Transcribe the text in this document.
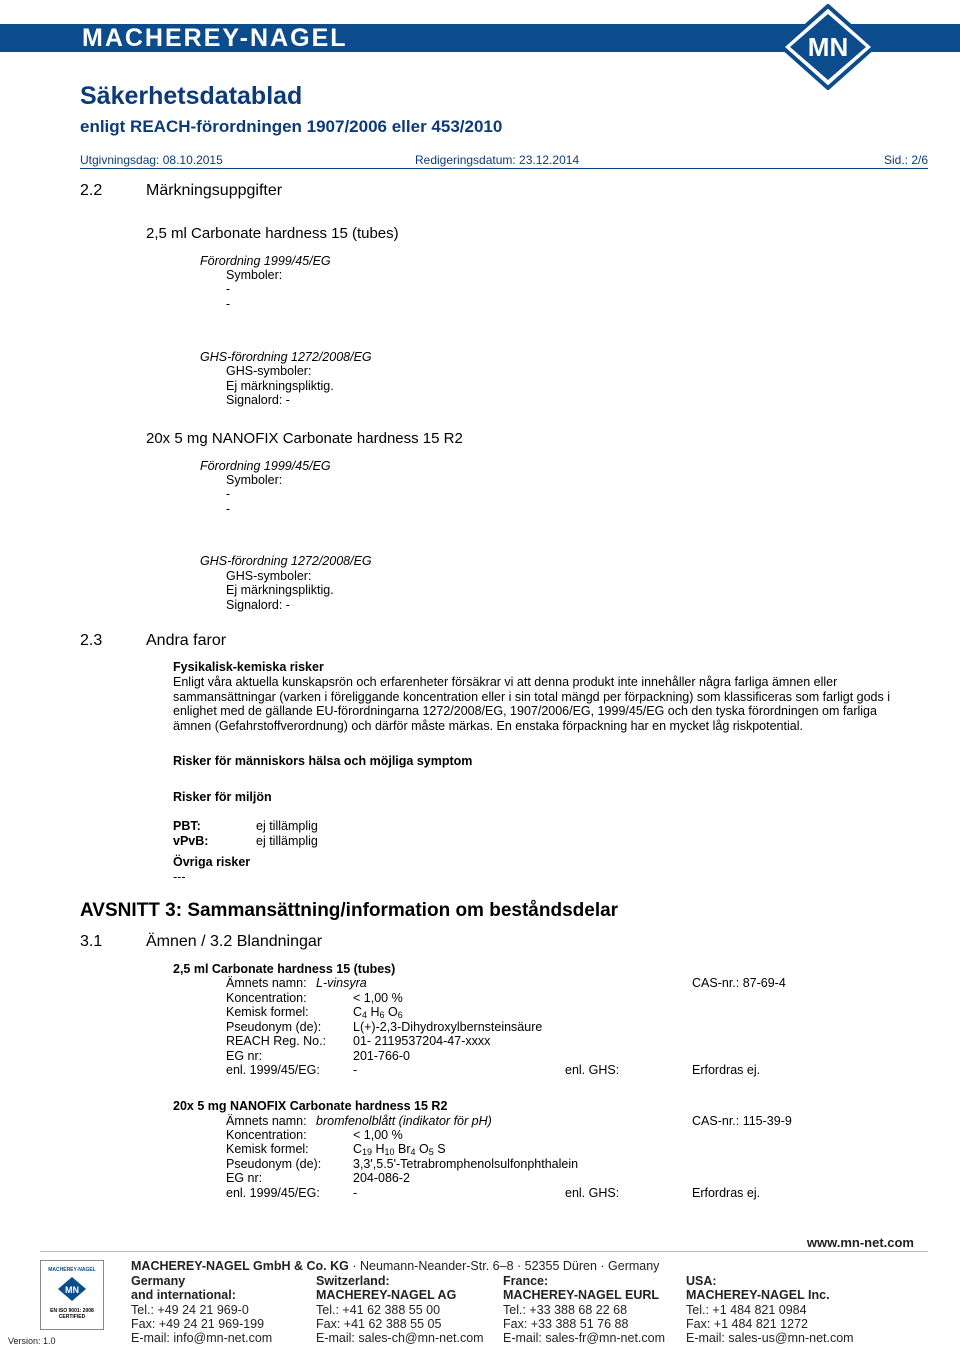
MACHEREY-NAGEL	MN
Säkerhetsdatablad
enligt REACH-förordningen 1907/2006 eller 453/2010
Utgivningsdag: 08.10.2015	Redigeringsdatum: 23.12.2014	Sid.: 2/6
2.2	Märkningsuppgifter
2,5 ml Carbonate hardness 15 (tubes)
Förordning 1999/45/EG
Symboler:
-
-
GHS-förordning 1272/2008/EG
GHS-symboler:
Ej märkningspliktig.
Signalord: -
20x 5 mg NANOFIX Carbonate hardness 15 R2
Förordning 1999/45/EG
Symboler:
-
-
GHS-förordning 1272/2008/EG
GHS-symboler:
Ej märkningspliktig.
Signalord: -
2.3	Andra faror
Fysikalisk-kemiska risker
Enligt våra aktuella kunskapsrön och erfarenheter försäkrar vi att denna produkt inte innehåller några farliga ämnen eller sammansättningar (varken i föreliggande koncentration eller i sin total mängd per förpackning) som klassificeras som farligt gods i enlighet med de gällande EU-förordningarna 1272/2008/EG, 1907/2006/EG, 1999/45/EG och den tyska förordningen om farliga ämnen (Gefahrstoffverordnung) och därför måste märkas. En enstaka förpackning har en mycket låg riskpotential.
Risker för människors hälsa och möjliga symptom
Risker för miljön
PBT:	ej tillämplig
vPvB:	ej tillämplig
Övriga risker
---
AVSNITT 3: Sammansättning/information om beståndsdelar
3.1	Ämnen / 3.2 Blandningar
2,5 ml Carbonate hardness 15 (tubes)
Ämnets namn: L-vinsyra	CAS-nr.: 87-69-4
Koncentration:	< 1,00 %
Kemisk formel:	$C_4$ $H_6$ $O_6$
Pseudonym (de):	L(+)-2,3-Dihydroxylbernsteinsäure
REACH Reg. No.: 01- 2119537204-47-xxxx
EG nr:	201-766-0
enl. 1999/45/EG:	-	enl. GHS:	Erfordras ej.
20x 5 mg NANOFIX Carbonate hardness 15 R2
Ämnets namn: bromfenolblått (indikator för pH)	CAS-nr.: 115-39-9
Koncentration:	< 1,00 %
Kemisk formel:	$C_{19}$ $H_{10}$ $Br_4$ $O_5$ S
Pseudonym (de):	3,3',5.5'-Tetrabromphenolsulfonphthalein
EG nr:	204-086-2
enl. 1999/45/EG:	-	enl. GHS:	Erfordras ej.
www.mn-net.com
MACHEREY-NAGEL
MN
EN ISO 9001: 2008
CERTIFIED
Version: 1.0
MACHEREY-NAGEL GmbH & Co. KG · Neumann-Neander-Str. 6–8 · 52355 Düren · Germany
Germany
and international:
Tel.: +49 24 21 969-0
Fax: +49 24 21 969-199
E-mail: info@mn-net.com
Switzerland:
MACHEREY-NAGEL AG
Tel.: +41 62 388 55 00
Fax: +41 62 388 55 05
E-mail: sales-ch@mn-net.com
France:
MACHEREY-NAGEL EURL
Tel.: +33 388 68 22 68
Fax: +33 388 51 76 88
E-mail: sales-fr@mn-net.com
USA:
MACHEREY-NAGEL Inc.
Tel.: +1 484 821 0984
Fax: +1 484 821 1272
E-mail: sales-us@mn-net.com
